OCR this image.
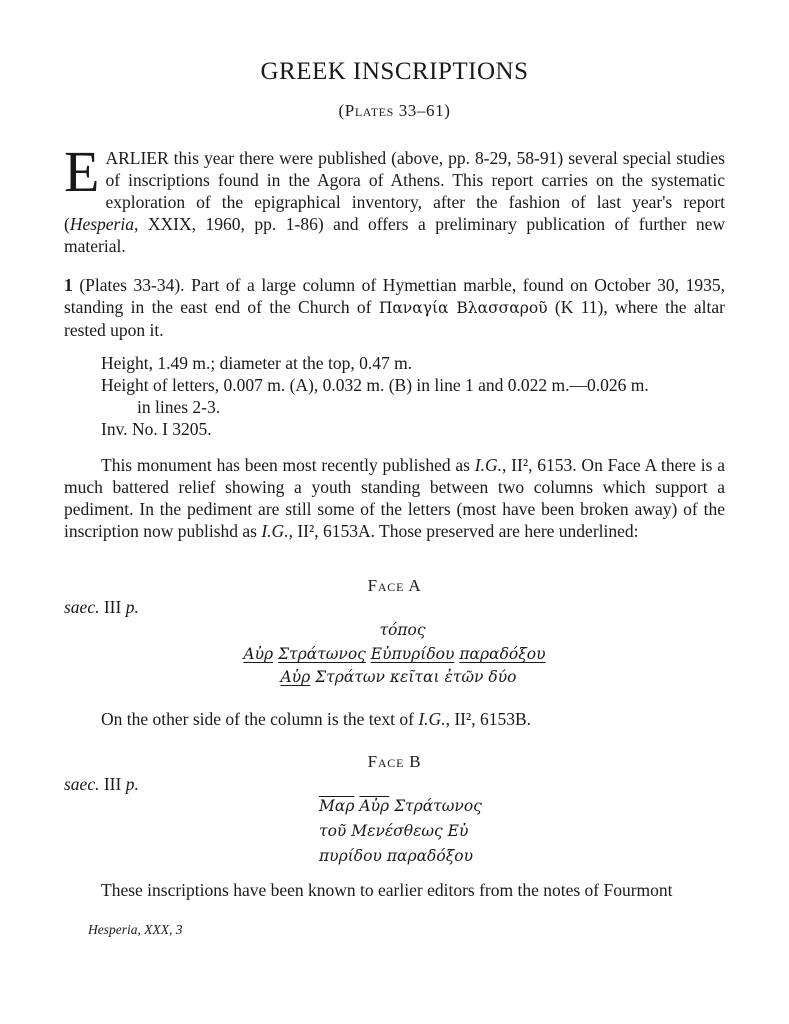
GREEK INSCRIPTIONS
(Plates 33–61)

EARLIER this year there were published (above, pp. 8-29, 58-91) several special studies of inscriptions found in the Agora of Athens. This report carries on the systematic exploration of the epigraphical inventory, after the fashion of last year's report (Hesperia, XXIX, 1960, pp. 1-86) and offers a preliminary publication of further new material.

1 (Plates 33-34). Part of a large column of Hymettian marble, found on October 30, 1935, standing in the east end of the Church of Παναγία Βλασσαροῦ (K 11), where the altar rested upon it.

Height, 1.49 m.; diameter at the top, 0.47 m.

Height of letters, 0.007 m. (A), 0.032 m. (B) in line 1 and 0.022 m.—0.026 m.

in lines 2-3.

Inv. No. I 3205.

This monument has been most recently published as I.G., II², 6153. On Face A there is a much battered relief showing a youth standing between two columns which support a pediment. In the pediment are still some of the letters (most have been broken away) of the inscription now publishd as I.G., II², 6153A. Those preserved are here underlined:

Face A
saec. III p.
τόπος
Αὐρ Στράτωνος Εὐπυρίδου παραδόξου
Αὐρ Στράτων κεῖται ἐτῶν δύο
On the other side of the column is the text of I.G., II², 6153B.
Face B
saec. III p.
$\overline{M\alpha\rho}$ $\overline{Aὐ\rho}$ Στράτωνος
τοῦ Μενέσθεως Εὐ
πυρίδου παραδόξου
These inscriptions have been known to earlier editors from the notes of Fourmont
Hesperia, XXX, 3
